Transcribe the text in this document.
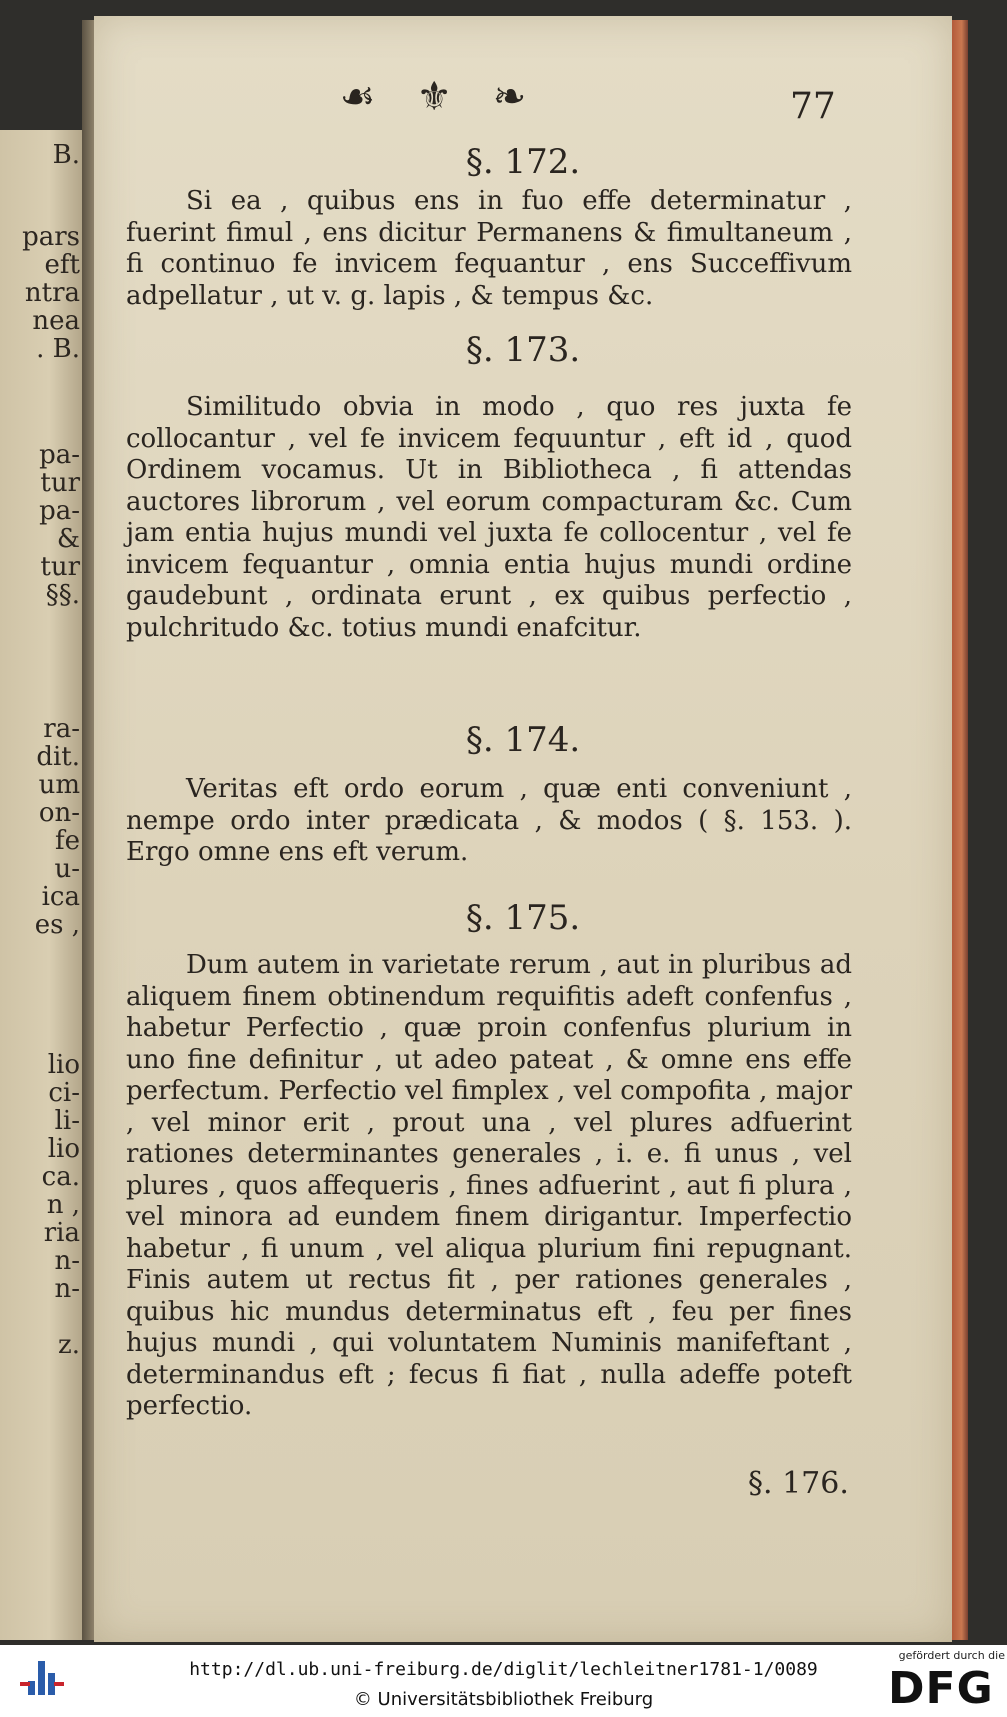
B.
pars
eft
ntra
nea
. B.
pa-
tur
pa-
&
tur
§§.
ra-
dit.
um
on-
fe
u-
ica
es ,
lio
ci-
li-
lio
ca.
n ,
ria
n-
n-
z.
☙ ⚜ ❧	77
§. 172.

Si ea , quibus ens in fuo effe determinatur , fuerint fimul , ens dicitur Permanens & fimultaneum , fi continuo fe invicem fequantur , ens Succeffivum adpellatur , ut v. g. lapis , & tempus &c.

§. 173.

Similitudo obvia in modo , quo res juxta fe collocantur , vel fe invicem fequuntur , eft id , quod Ordinem vocamus. Ut in Bibliotheca , fi attendas auctores librorum , vel eorum compacturam &c. Cum jam entia hujus mundi vel juxta fe collocentur , vel fe invicem fequantur , omnia entia hujus mundi ordine gaudebunt , ordinata erunt , ex quibus perfectio , pulchritudo &c. totius mundi enafcitur.

§. 174.

Veritas eft ordo eorum , quæ enti conveniunt , nempe ordo inter prædicata , & modos ( §. 153. ). Ergo omne ens eft verum.

§. 175.

Dum autem in varietate rerum , aut in pluribus ad aliquem finem obtinendum requifitis adeft confenfus , habetur Perfectio , quæ proin confenfus plurium in uno fine definitur , ut adeo pateat , & omne ens effe perfectum. Perfectio vel fimplex , vel compofita , major , vel minor erit , prout una , vel plures adfuerint rationes determinantes generales , i. e. fi unus , vel plures , quos affequeris , fines adfuerint , aut fi plura , vel minora ad eundem finem dirigantur. Imperfectio habetur , fi unum , vel aliqua plurium fini repugnant. Finis autem ut rectus fit , per rationes generales , quibus hic mundus determinatus eft , feu per fines hujus mundi , qui voluntatem Numinis manifeftant , determinandus eft ; fecus fi fiat , nulla adeffe poteft perfectio.

§. 176.
http://dl.ub.uni-freiburg.de/diglit/lechleitner1781-1/0089
© Universitätsbibliothek Freiburg
gefördert durch die
DFG
